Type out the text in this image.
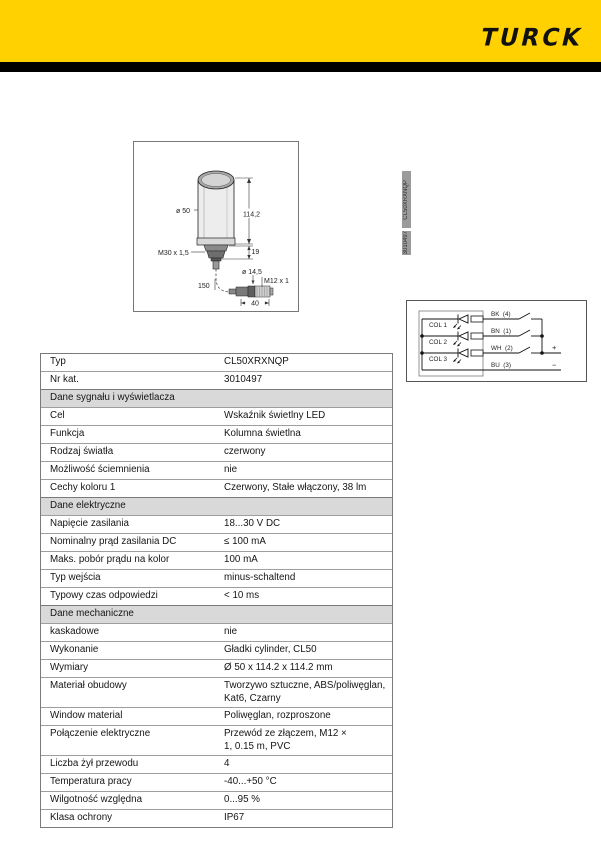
TURCK
ø 50	114,2
19
M30 x 1,5
150
ø 14,5
M12 x 1
40
CL50XRXNQP
3010497
COL 1
COL 2
COL 3
BK  (4)
BN  (1)
WH  (2)
BU  (3)
+
−
Typ	CL50XRXNQP
Nr kat.	3010497
Dane sygnału i wyświetlacza
Cel	Wskaźnik świetlny LED
Funkcja	Kolumna świetlna
Rodzaj światła	czerwony
Możliwość ściemnienia	nie
Cechy koloru 1	Czerwony, Stałe włączony, 38 lm
Dane elektryczne
Napięcie zasilania	18...30 V DC
Nominalny prąd zasilania DC	≤ 100 mA
Maks. pobór prądu na kolor	100 mA
Typ wejścia	minus-schaltend
Typowy czas odpowiedzi	< 10 ms
Dane mechaniczne
kaskadowe	nie
Wykonanie	Gładki cylinder, CL50
Wymiary	Ø 50 x 114.2 x 114.2 mm
Materiał obudowy	Tworzywo sztuczne, ABS/poliwęglan,
Kat6, Czarny
Window material	Poliwęglan, rozproszone
Połączenie elektryczne	Przewód ze złączem, M12 ×
1, 0.15 m, PVC
Liczba żył przewodu	4
Temperatura pracy	-40...+50 °C
Wilgotność względna	0...95 %
Klasa ochrony	IP67
